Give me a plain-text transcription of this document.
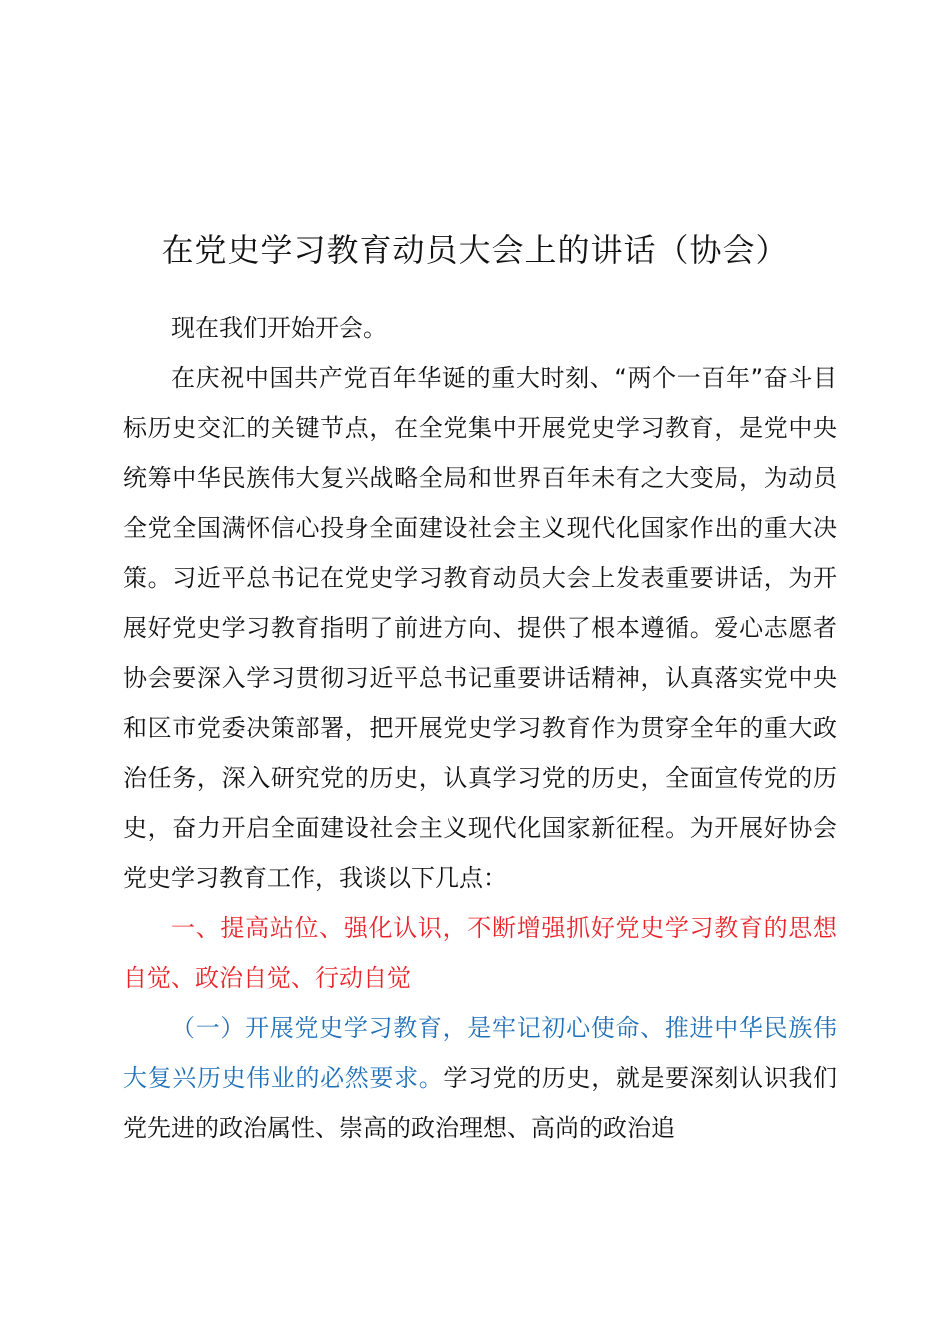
在党史学习教育动员大会上的讲话（协会）

现在我们开始开会。

在庆祝中国共产党百年华诞的重大时刻、“两个一百年”奋斗目标历史交汇的关键节点，在全党集中开展党史学习教育，是党中央统筹中华民族伟大复兴战略全局和世界百年未有之大变局，为动员全党全国满怀信心投身全面建设社会主义现代化国家作出的重大决策。习近平总书记在党史学习教育动员大会上发表重要讲话，为开展好党史学习教育指明了前进方向、提供了根本遵循。爱心志愿者协会要深入学习贯彻习近平总书记重要讲话精神，认真落实党中央和区市党委决策部署，把开展党史学习教育作为贯穿全年的重大政治任务，深入研究党的历史，认真学习党的历史，全面宣传党的历史，奋力开启全面建设社会主义现代化国家新征程。为开展好协会党史学习教育工作，我谈以下几点：

一、提高站位、强化认识，不断增强抓好党史学习教育的思想自觉、政治自觉、行动自觉

（一）开展党史学习教育，是牢记初心使命、推进中华民族伟大复兴历史伟业的必然要求。学习党的历史，就是要深刻认识我们党先进的政治属性、崇高的政治理想、高尚的政治追
